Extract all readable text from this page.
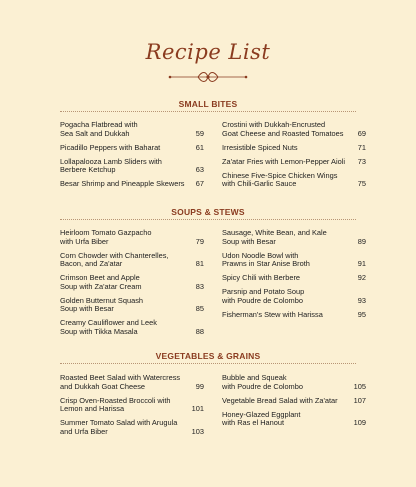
Recipe List
SMALL BITES
Pogacha Flatbread with
Sea Salt and Dukkah	59
Picadillo Peppers with Baharat	61
Lollapalooza Lamb Sliders with
Berbere Ketchup	63
Besar Shrimp and Pineapple Skewers 67
Crostini with Dukkah-Encrusted
Goat Cheese and Roasted Tomatoes 69
Irresistible Spiced Nuts	71
Za'atar Fries with Lemon-Pepper Aioli 73
Chinese Five-Spice Chicken Wings
with Chili-Garlic Sauce	75
SOUPS & STEWS
Heirloom Tomato Gazpacho
with Urfa Biber	79
Corn Chowder with Chanterelles,
Bacon, and Za'atar	81
Crimson Beet and Apple
Soup with Za'atar Cream	83
Golden Butternut Squash
Soup with Besar	85
Creamy Cauliflower and Leek
Soup with Tikka Masala	88
Sausage, White Bean, and Kale
Soup with Besar	89
Udon Noodle Bowl with
Prawns in Star Anise Broth	91
Spicy Chili with Berbere	92
Parsnip and Potato Soup
with Poudre de Colombo	93
Fisherman's Stew with Harissa	95
VEGETABLES & GRAINS
Roasted Beet Salad with Watercress
and Dukkah Goat Cheese	99
Crisp Oven-Roasted Broccoli with
Lemon and Harissa	101
Summer Tomato Salad with Arugula
and Urfa Biber	103
Bubble and Squeak
with Poudre de Colombo	105
Vegetable Bread Salad with Za'atar 107
Honey-Glazed Eggplant
with Ras el Hanout	109
